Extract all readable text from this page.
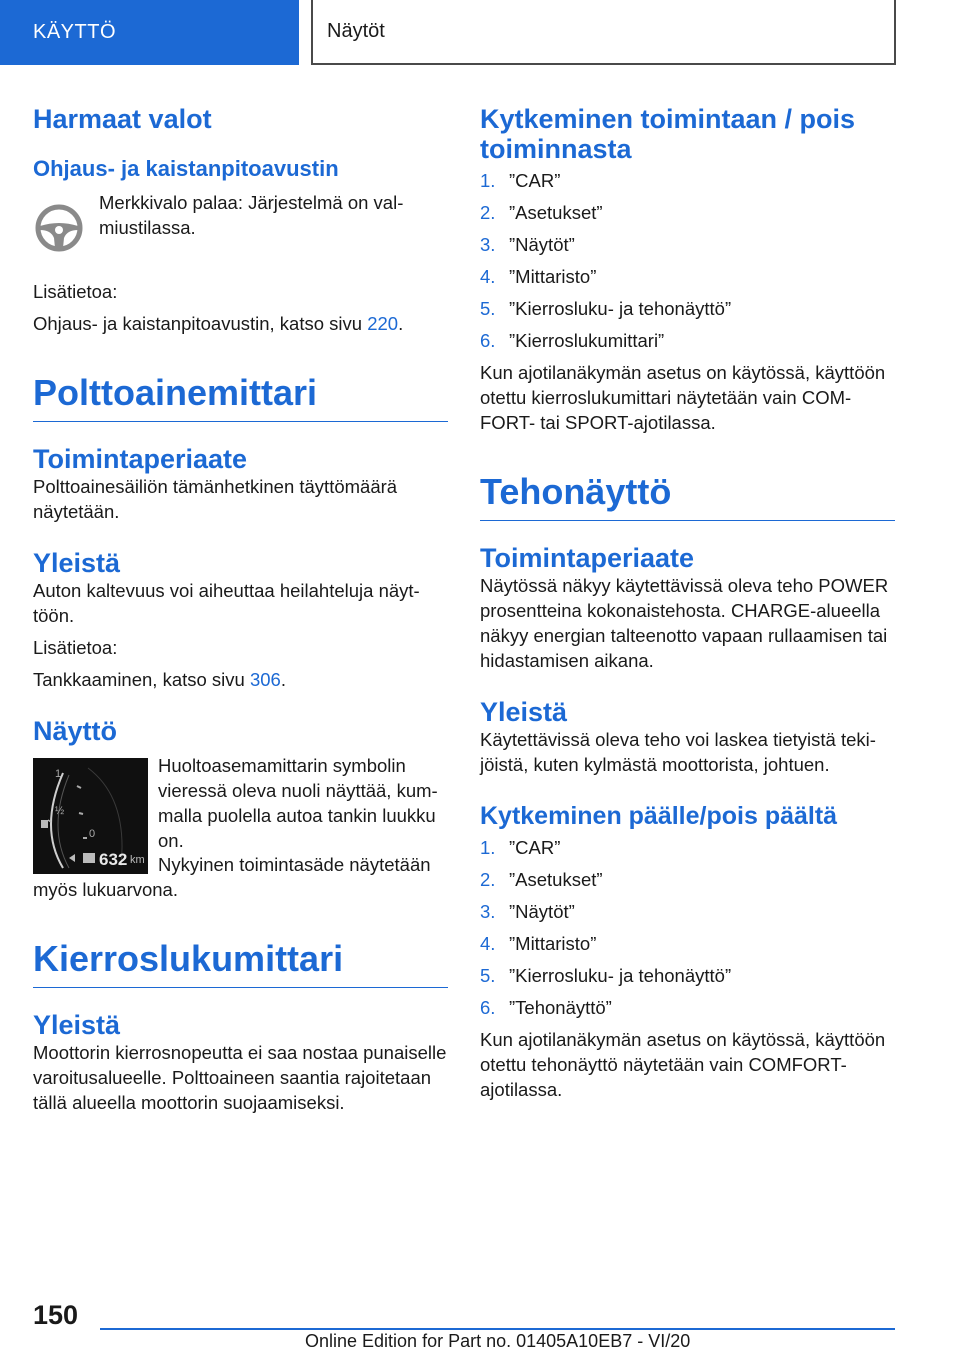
KÄYTTÖ	Näytöt
Harmaat valot
Ohjaus- ja kaistanpitoavustin

Merkkivalo palaa: Järjestelmä on valmiustilassa.

Lisätietoa:

Ohjaus- ja kaistanpitoavustin, katso sivu 220.

Polttoainemittari
Toimintaperiaate

Polttoainesäiliön tämänhetkinen täyttömäärä näytetään.

Yleistä

Auton kaltevuus voi aiheuttaa heilahteluja näyttöön.

Lisätietoa:

Tankkaaminen, katso sivu 306.

Näyttö
1
½
0
632 km

Huoltoasemamittarin symbolin vieressä oleva nuoli näyttää, kummalla puolella autoa tankin luukku on.

Nykyinen toimintasäde näytetään myös lukuarvona.

Kierroslukumittari
Yleistä

Moottorin kierrosnopeutta ei saa nostaa punaiselle varoitusalueelle. Polttoaineen saantia rajoitetaan tällä alueella moottorin suojaamiseksi.

Kytkeminen toimintaan / pois toiminnasta
1. ”CAR”
2. ”Asetukset”
3. ”Näytöt”
4. ”Mittaristo”
5. ”Kierrosluku- ja tehonäyttö”
6. ”Kierroslukumittari”

Kun ajotilanäkymän asetus on käytössä, käyttöön otettu kierroslukumittari näytetään vain COMFORT- tai SPORT-ajotilassa.

Tehonäyttö
Toimintaperiaate

Näytössä näkyy käytettävissä oleva teho POWER prosentteina kokonaistehosta. CHARGE-alueella näkyy energian talteenotto vapaan rullaamisen tai hidastamisen aikana.

Yleistä

Käytettävissä oleva teho voi laskea tietyistä tekijöistä, kuten kylmästä moottorista, johtuen.

Kytkeminen päälle/pois päältä
1. ”CAR”
2. ”Asetukset”
3. ”Näytöt”
4. ”Mittaristo”
5. ”Kierrosluku- ja tehonäyttö”
6. ”Tehonäyttö”

Kun ajotilanäkymän asetus on käytössä, käyttöön otettu tehonäyttö näytetään vain COMFORT-ajotilassa.

150
Online Edition for Part no. 01405A10EB7 - VI/20
